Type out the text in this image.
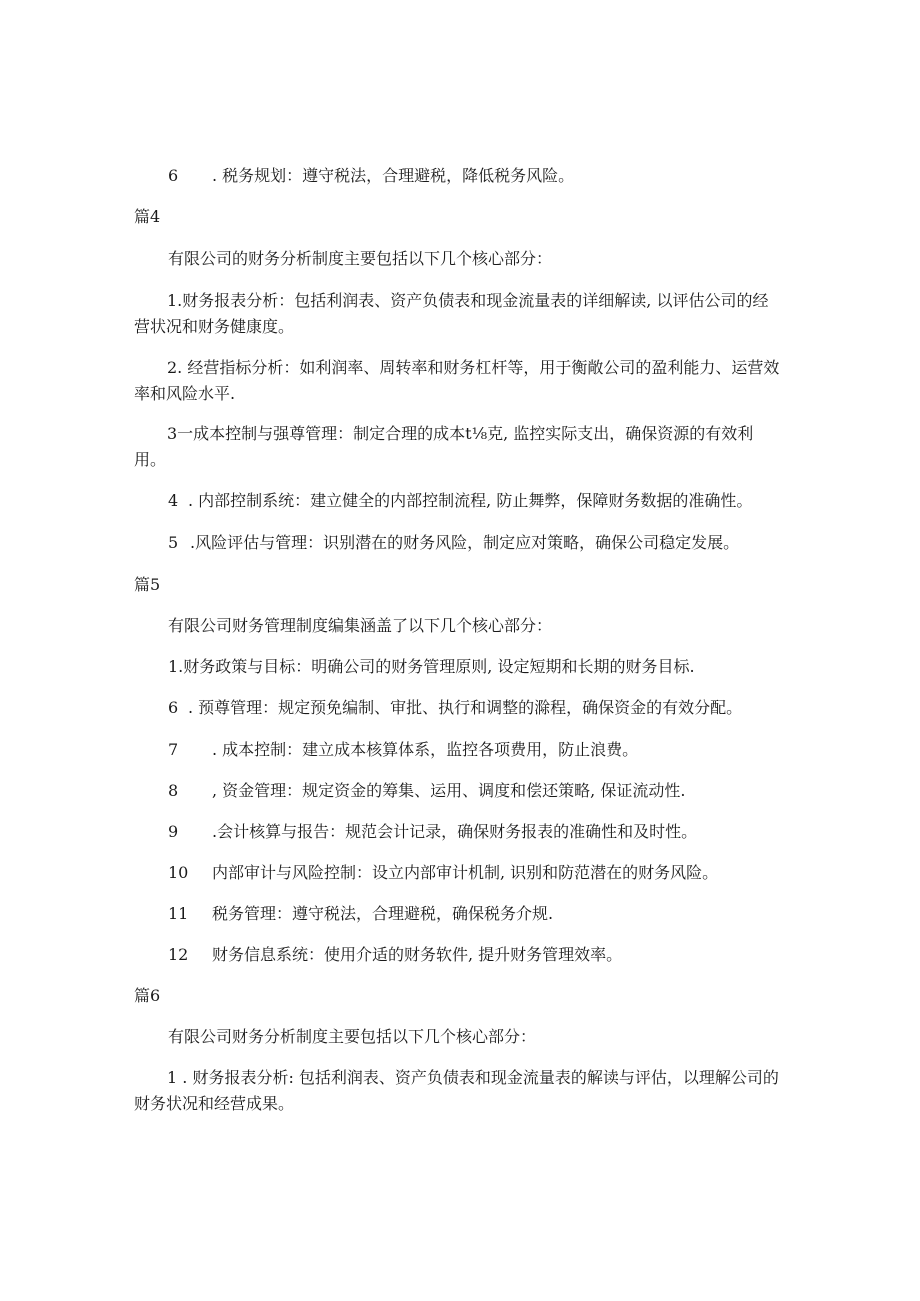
6 . 税务规划：遵守税法，合理避税，降低税务风险。
篇4
有限公司的财务分析制度主要包括以下几个核心部分：
1.财务报表分析：包括利润表、资产负债表和现金流量表的详细解读, 以评估公司的经营状况和财务健康度。
2. 经营指标分析：如利润率、周转率和财务杠杆等，用于衡敞公司的盈利能力、运营效率和风险水平.
3一成本控制与强尊管理：制定合理的成本t⅛克, 监控实际支出，确保资源的有效利用。
4 . 内部控制系统：建立健全的内部控制流程, 防止舞弊，保障财务数据的准确性。
5 .风险评估与管理：识别潜在的财务风险，制定应对策略，确保公司稳定发展。
篇5
有限公司财务管理制度编集涵盖了以下几个核心部分：
1.财务政策与目标：明确公司的财务管理原则, 设定短期和长期的财务目标.
6 . 预尊管理：规定预免编制、审批、执行和调整的滁程，确保资金的有效分配。
7 . 成本控制：建立成本核算体系，监控各项费用，防止浪费。
8 , 资金管理：规定资金的筹集、运用、调度和偿还策略, 保证流动性.
9 .会计核算与报告：规范会计记录，确保财务报表的准确性和及时性。
10 内部审计与风险控制：设立内部审计机制, 识别和防范潜在的财务风险。
11 税务管理：遵守税法，合理避税，确保税务介规.
12 财务信息系统：使用介适的财务软件, 提升财务管理效率。
篇6
有限公司财务分析制度主要包括以下几个核心部分：
1 . 财务报表分析: 包括利润表、资产负债表和现金流量表的解读与评估，以理解公司的财务状况和经营成果。
